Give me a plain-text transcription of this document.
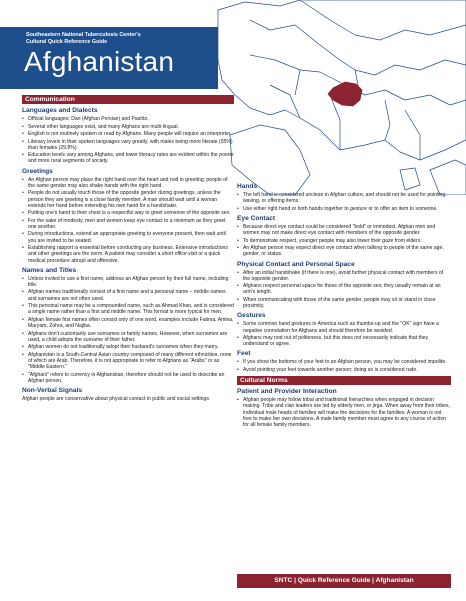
Southeastern National Tuberculosis Center's
Cultural Quick Reference Guide
Afghanistan
Communication
Languages and Dialects
• Official languages: Dari (Afghan Persian) and Pashto.
• Several other languages exist, and many Afghans are multi-lingual.
• English is not routinely spoken or read by Afghans. Many people will require an interpreter.
• Literacy levels in their spoken languages vary greatly, with males being more literate (55%) than females (29.8%).
• Education levels vary among Afghans, and lower literacy rates are evident within the poorer and more rural segments of society.
Greetings
• An Afghan person may place the right hand over the heart and nod in greeting; people of the same gender may also shake hands with the right hand.
• People do not usually touch those of the opposite gender during greetings, unless the person they are greeting is a close family member. A man should wait until a woman extends her hand before extending his own hand for a handshake.
• Putting one's hand to their chest is a respectful way to greet someone of the opposite sex.
• For the sake of modesty, men and women keep eye contact to a minimum as they greet one another.
• During introductions, extend an appropriate greeting to everyone present, then wait until you are invited to be seated.
• Establishing rapport is essential before conducting any business. Extensive introductions and other greetings are the norm. A patient may consider a short office visit or a quick medical procedure abrupt and offensive.
Names and Titles
• Unless invited to use a first name, address an Afghan person by their full name, including title.
• Afghan names traditionally consist of a first name and a personal name – middle names and surnames are not often used.
• This personal name may be a compounded name, such as Ahmad Khan, and is considered a single name rather than a first and middle name. This format is more typical for men.
• Afghan female first names often consist only of one word, examples include Fatima, Amina, Maryam, Zohra, and Najiba.
• Afghans don't customarily use surnames or family names. However, when surnames are used, a child adopts the surname of their father.
• Afghan women do not traditionally adopt their husband's surnames when they marry.
• Afghanistan is a South-Central Asian country composed of many different ethnicities, none of which are Arab. Therefore, it is not appropriate to refer to Afghans as "Arabs" or as "Middle Eastern."
• "Afghani" refers to currency in Afghanistan, therefore should not be used to describe an Afghan person.
Non-Verbal Signals
Afghan people are conservative about physical contact in public and social settings.
Hands
• The left hand is considered unclean in Afghan culture, and should not be used for pointing, waving, or offering items.
• Use either right hand or both hands together to gesture or to offer an item to someone.
Eye Contact
• Because direct eye contact could be considered "bold" or immodest, Afghan men and women may not make direct eye contact with members of the opposite gender.
• To demonstrate respect, younger people may also lower their gaze from elders.
• An Afghan person may expect direct eye contact when talking to people of the same age, gender, or status.
Physical Contact and Personal Space
• After an initial handshake (if there is one), avoid further physical contact with members of the opposite gender.
• Afghans respect personal space for those of the opposite sex; they usually remain at an arm's length.
• When communicating with those of the same gender, people may sit or stand in close proximity.
Gestures
• Some common hand gestures in America such as thumbs-up and the "OK" sign have a negative connotation for Afghans and should therefore be avoided.
• Afghans may nod out of politeness, but this does not necessarily indicate that they understand or agree.
Feet
• If you show the bottoms of your feet to an Afghan person, you may be considered impolite.
• Avoid pointing your feet towards another person; doing so is considered rude.
Cultural Norms
Patient and Provider Interaction
• Afghan people may follow tribal and traditional hierarchies when engaged in decision making. Tribe and clan leaders are led by elderly men, or jirga. When away from their tribes, individual male heads of families will make the decisions for the families. A woman is not free to make her own decisions. A male family member must agree to any course of action for all female family members.
SNTC | Quick Reference Guide | Afghanistan
